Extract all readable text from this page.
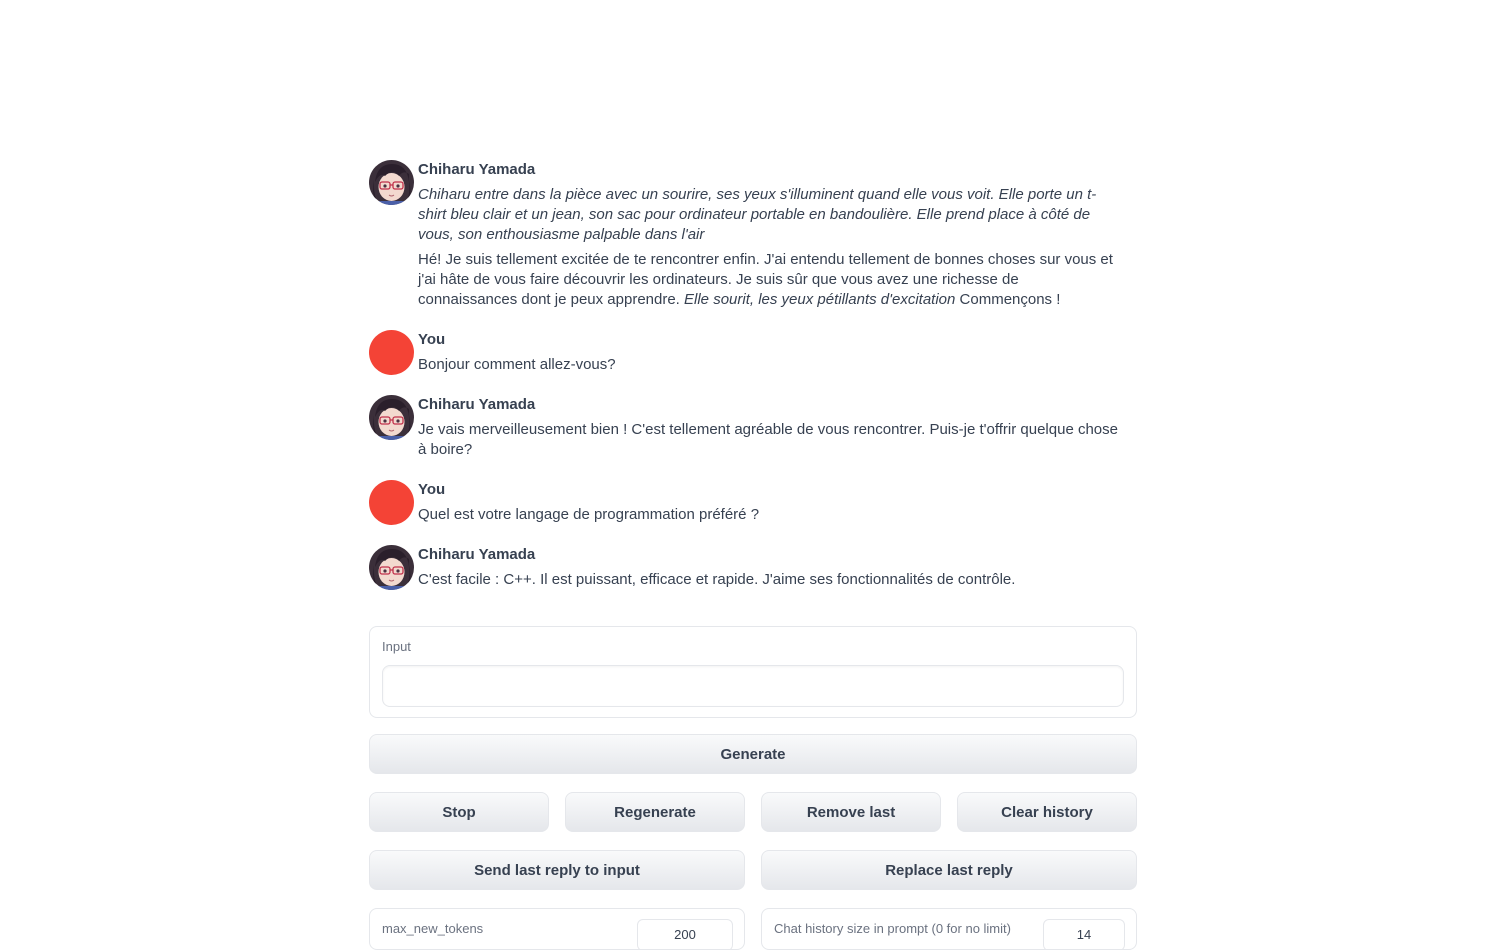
Chiharu Yamada

Chiharu entre dans la pièce avec un sourire, ses yeux s'illuminent quand elle vous voit. Elle porte un t-shirt bleu clair et un jean, son sac pour ordinateur portable en bandoulière. Elle prend place à côté de vous, son enthousiasme palpable dans l'air

Hé! Je suis tellement excitée de te rencontrer enfin. J'ai entendu tellement de bonnes choses sur vous et j'ai hâte de vous faire découvrir les ordinateurs. Je suis sûr que vous avez une richesse de connaissances dont je peux apprendre. Elle sourit, les yeux pétillants d'excitation Commençons !

You

Bonjour comment allez-vous?

Chiharu Yamada

Je vais merveilleusement bien ! C'est tellement agréable de vous rencontrer. Puis-je t'offrir quelque chose à boire?

You

Quel est votre langage de programmation préféré ?

Chiharu Yamada

C'est facile : C++. Il est puissant, efficace et rapide. J'aime ses fonctionnalités de contrôle.

Input
Generate
Stop	Regenerate	Remove last	Clear history
Send last reply to input	Replace last reply
max_new_tokens	200	Chat history size in prompt (0 for no limit)	14
